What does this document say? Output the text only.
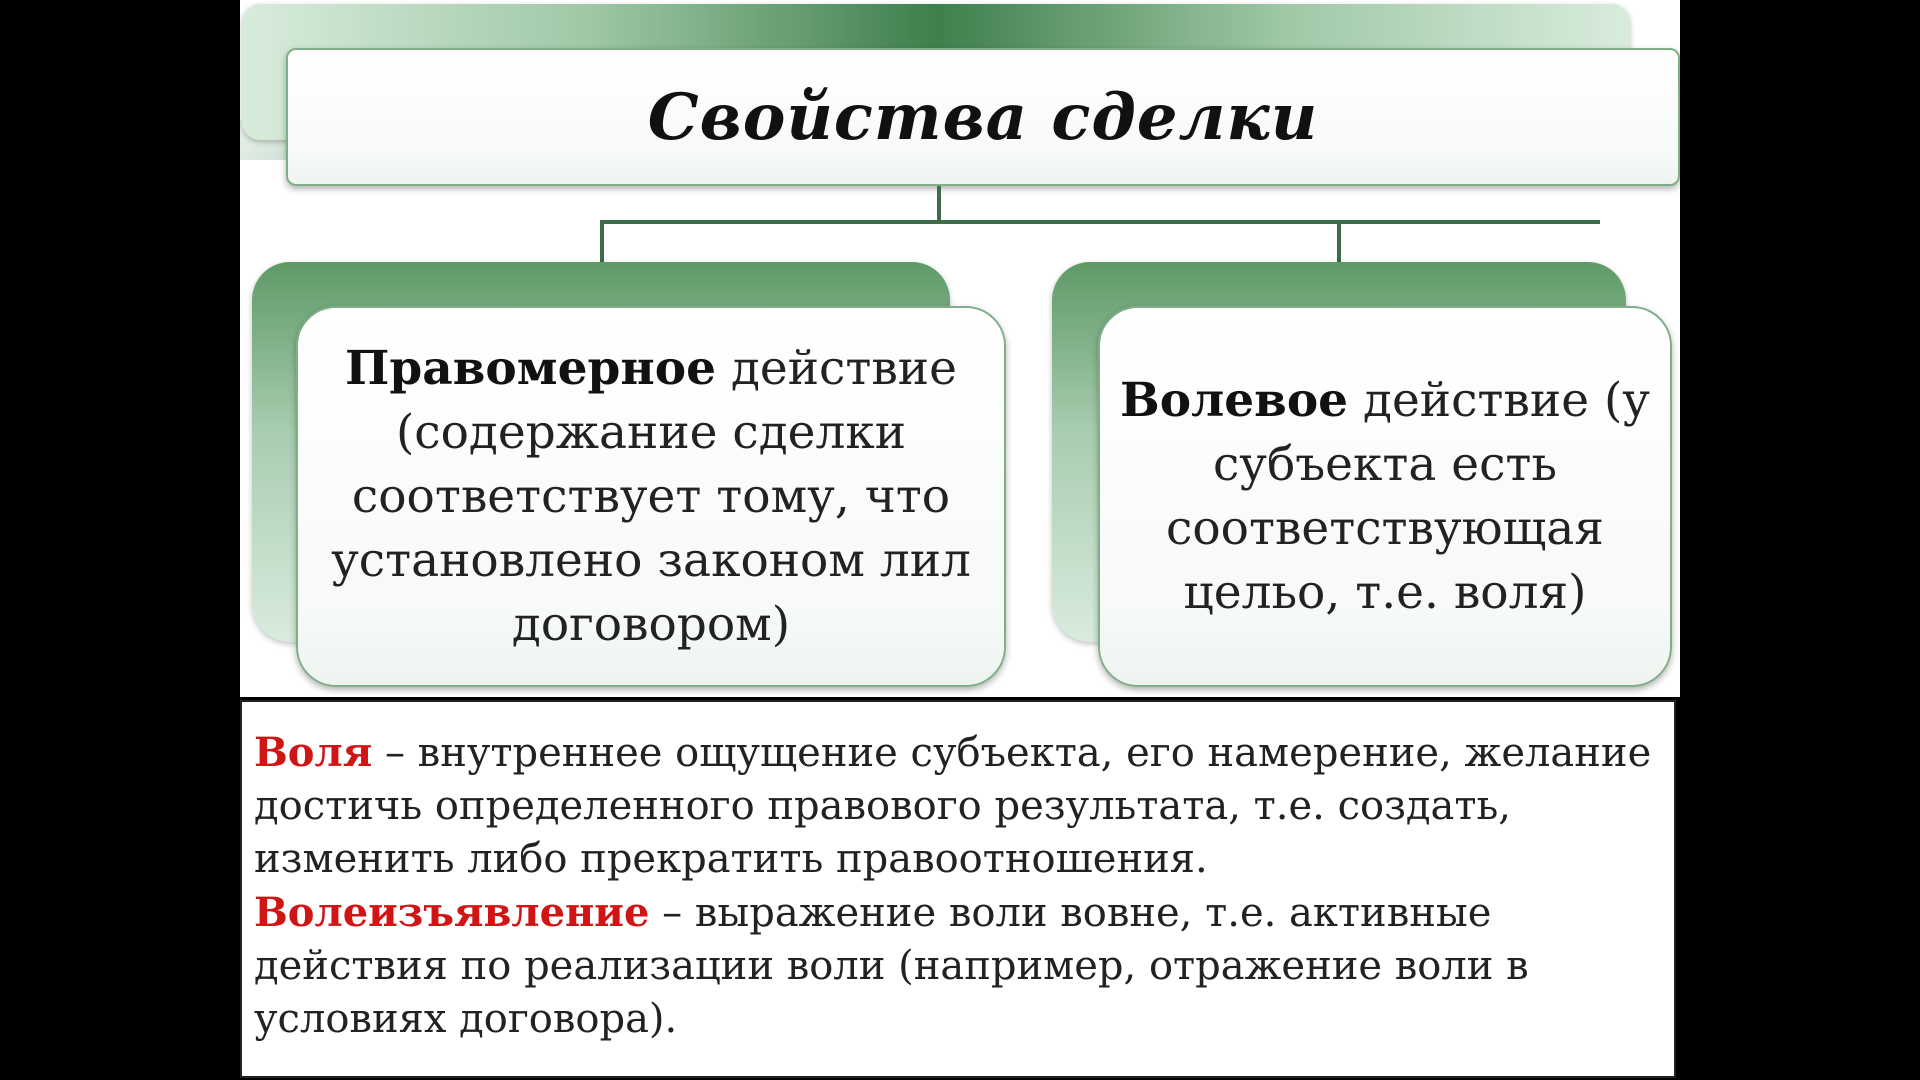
Свойства сделки
Правомерное действие (содержание сделки соответствует тому, что установлено законом лил договором)
Волевое действие (у субъекта есть соответствующая цельо, т.е. воля)

Воля – внутреннее ощущение субъекта, его намерение, желание достичь определенного правового результата, т.е. создать, изменить либо прекратить правоотношения.

Волеизъявление – выражение воли вовне, т.е. активные действия по реализации воли (например, отражение воли в условиях договора).
